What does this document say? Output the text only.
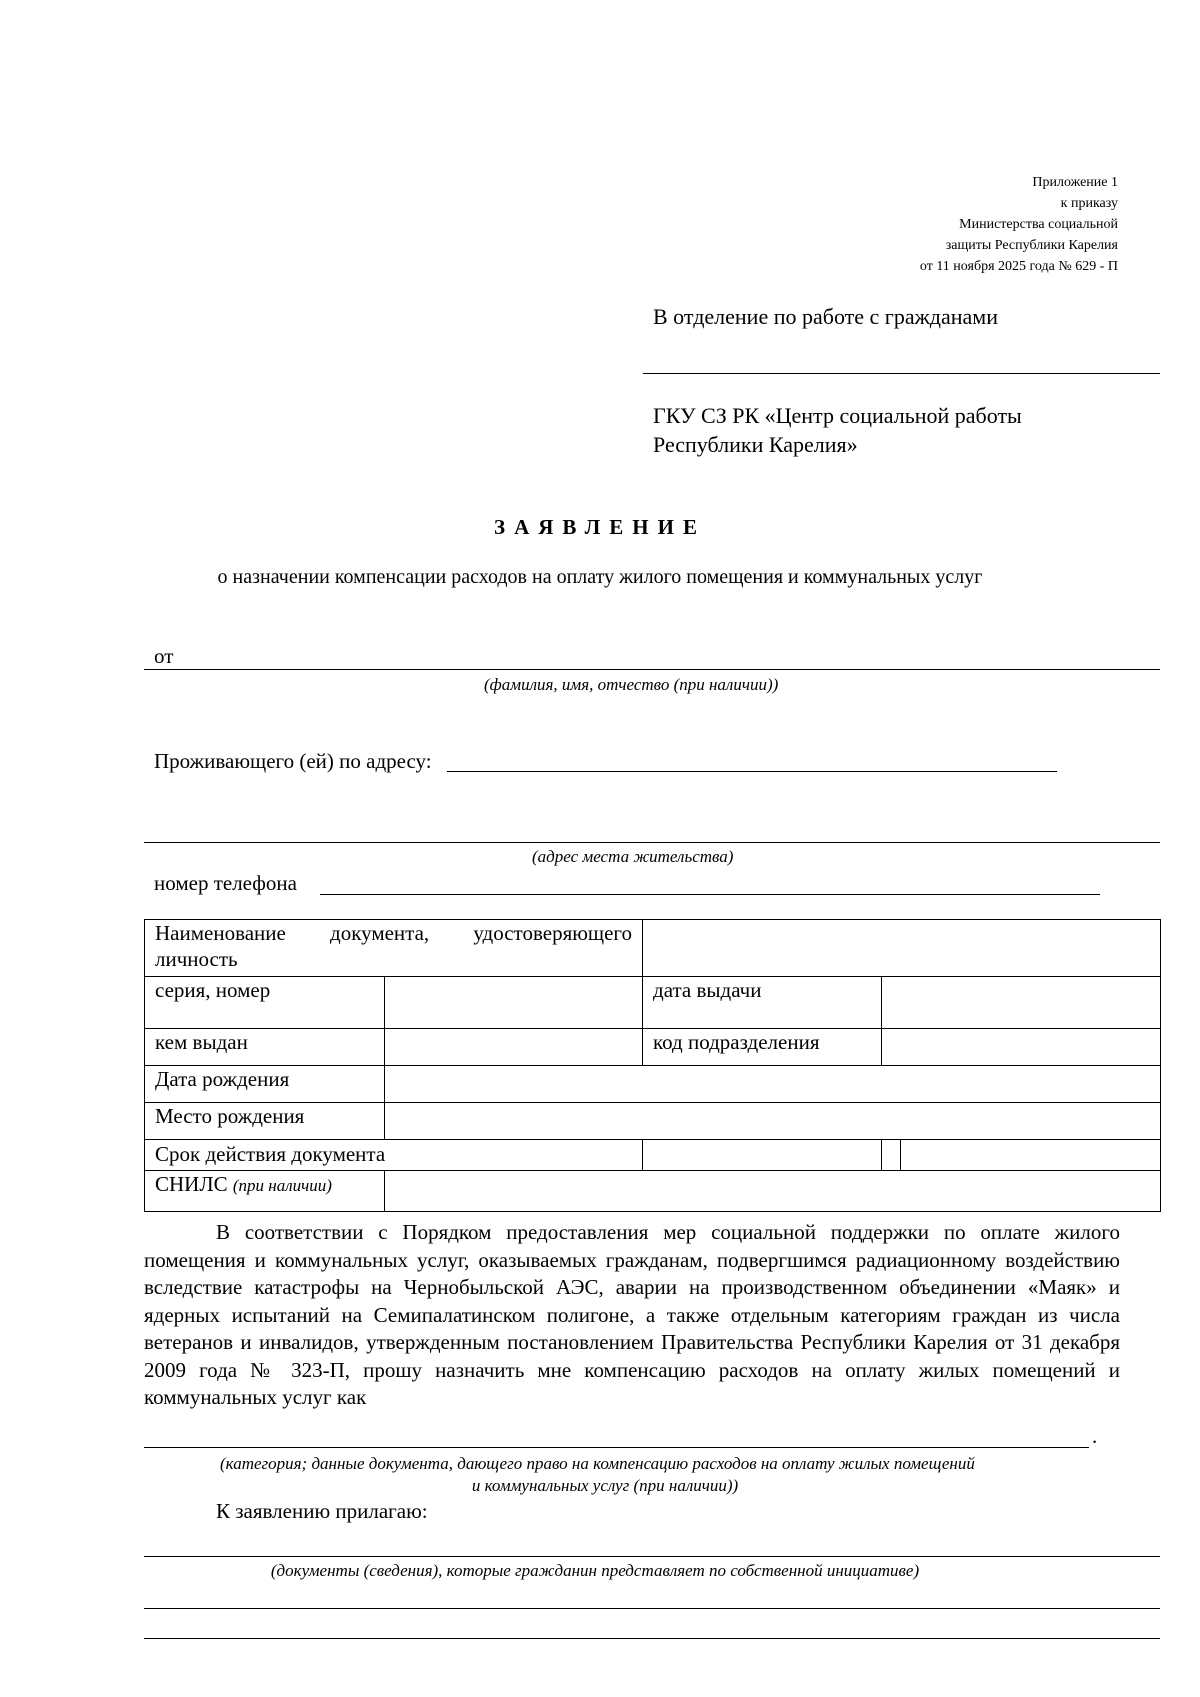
Приложение 1
к приказу
Министерства социальной
защиты Республики Карелия
от 11 ноября 2025 года № 629 - П
В отделение по работе с гражданами
ГКУ СЗ РК «Центр социальной работы
Республики Карелия»
ЗАЯВЛЕНИЕ
о назначении компенсации расходов на оплату жилого помещения и коммунальных услуг
от
(фамилия, имя, отчество (при наличии))
Проживающего (ей) по адресу:
(адрес места жительства)
номер телефона
Наименование документа, удостоверяющего личность			
серия, номер		дата выдачи	
кем выдан		код подразделения	
Дата рождения			
Место рождения			
Срок действия документа			

СНИЛС (при наличии)			

В соответствии с Порядком предоставления мер социальной поддержки по оплате жилого помещения и коммунальных услуг, оказываемых гражданам, подвергшимся радиационному воздействию вследствие катастрофы на Чернобыльской АЭС, аварии на производственном объединении «Маяк» и ядерных испытаний на Семипалатинском полигоне, а также отдельным категориям граждан из числа ветеранов и инвалидов, утвержденным постановлением Правительства Республики Карелия от 31 декабря 2009 года № 323-П, прошу назначить мне компенсацию расходов на оплату жилых помещений и коммунальных услуг как

.
(категория; данные документа, дающего право на компенсацию расходов на оплату жилых помещений
и коммунальных услуг (при наличии))
К заявлению прилагаю:
(документы (сведения), которые гражданин представляет по собственной инициативе)
